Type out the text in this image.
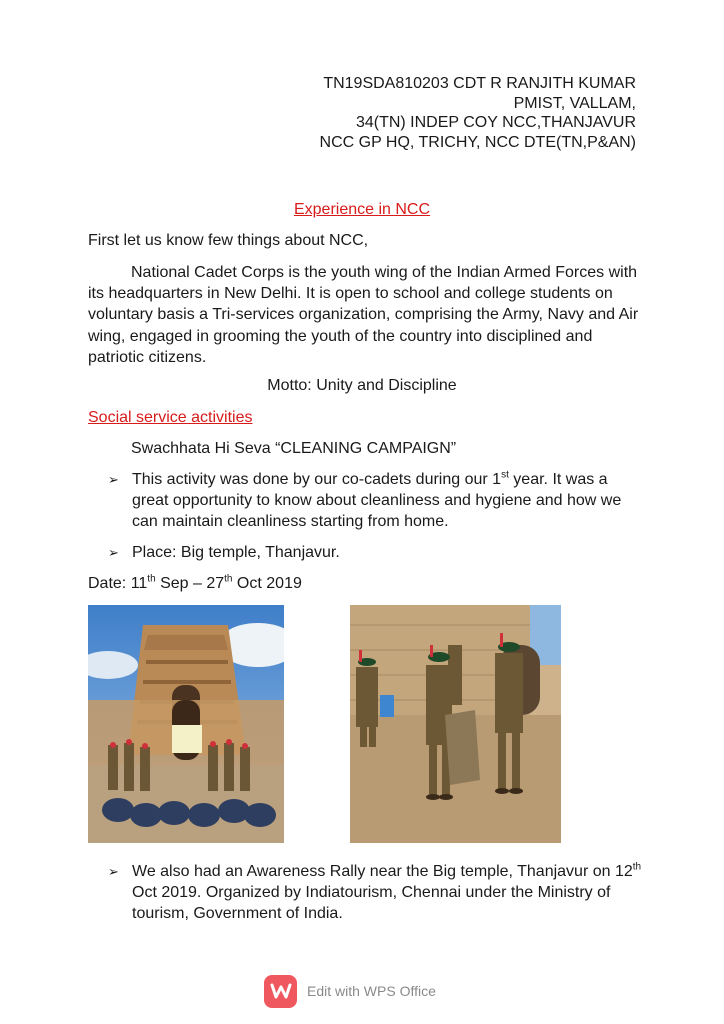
TN19SDA810203 CDT R RANJITH KUMAR
PMIST, VALLAM,
34(TN) INDEP COY NCC,THANJAVUR
NCC GP HQ, TRICHY, NCC DTE(TN,P&AN)
Experience in NCC
First let us know few things about NCC,
National Cadet Corps is the youth wing of the Indian Armed Forces with its headquarters in New Delhi. It is open to school and college students on voluntary basis a Tri-services organization, comprising the Army, Navy and Air wing, engaged in grooming the youth of the country into disciplined and patriotic citizens.
Motto: Unity and Discipline
Social service activities
Swachhata Hi Seva “CLEANING CAMPAIGN”
➢ This activity was done by our co-cadets during our 1st year. It was a great opportunity to know about cleanliness and hygiene and how we can maintain cleanliness starting from home.
➢ Place: Big temple, Thanjavur.
Date: 11th Sep – 27th Oct 2019
➢ We also had an Awareness Rally near the Big temple, Thanjavur on 12th Oct 2019. Organized by Indiatourism, Chennai under the Ministry of tourism, Government of India.
Edit with WPS Office
